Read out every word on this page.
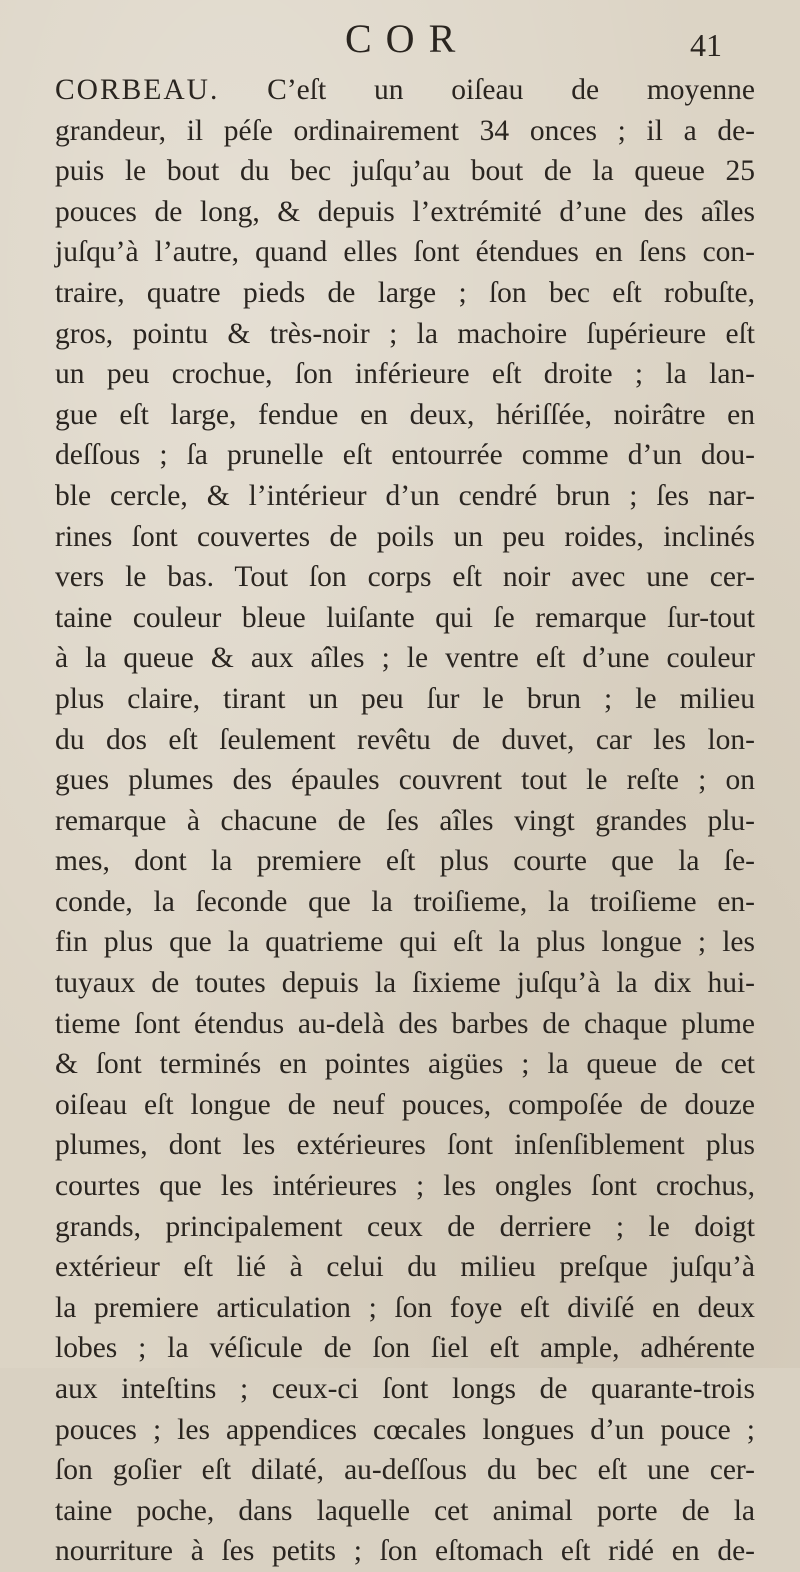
COR	41
CORBEAU. C’eſt un oiſeau de moyenne
grandeur, il péſe ordinairement 34 onces ; il a de-
puis le bout du bec juſqu’au bout de la queue 25
pouces de long, & depuis l’extrémité d’une des aîles
juſqu’à l’autre, quand elles ſont étendues en ſens con-
traire, quatre pieds de large ; ſon bec eſt robuſte,
gros, pointu & très-noir ; la machoire ſupérieure eſt
un peu crochue, ſon inférieure eſt droite ; la lan-
gue eſt large, fendue en deux, hériſſée, noirâtre en
deſſous ; ſa prunelle eſt entourrée comme d’un dou-
ble cercle, & l’intérieur d’un cendré brun ; ſes nar-
rines ſont couvertes de poils un peu roides, inclinés
vers le bas. Tout ſon corps eſt noir avec une cer-
taine couleur bleue luiſante qui ſe remarque ſur-tout
à la queue & aux aîles ; le ventre eſt d’une couleur
plus claire, tirant un peu ſur le brun ; le milieu
du dos eſt ſeulement revêtu de duvet, car les lon-
gues plumes des épaules couvrent tout le reſte ; on
remarque à chacune de ſes aîles vingt grandes plu-
mes, dont la premiere eſt plus courte que la ſe-
conde, la ſeconde que la troiſieme, la troiſieme en-
fin plus que la quatrieme qui eſt la plus longue ; les
tuyaux de toutes depuis la ſixieme juſqu’à la dix hui-
tieme ſont étendus au-delà des barbes de chaque plume
& ſont terminés en pointes aigües ; la queue de cet
oiſeau eſt longue de neuf pouces, compoſée de douze
plumes, dont les extérieures ſont inſenſiblement plus
courtes que les intérieures ; les ongles ſont crochus,
grands, principalement ceux de derriere ; le doigt
extérieur eſt lié à celui du milieu preſque juſqu’à
la premiere articulation ; ſon foye eſt diviſé en deux
lobes ; la véſicule de ſon ſiel eſt ample, adhérente
aux inteſtins ; ceux-ci ſont longs de quarante-trois
pouces ; les appendices cœcales longues d’un pouce ;
ſon goſier eſt dilaté, au-deſſous du bec eſt une cer-
taine poche, dans laquelle cet animal porte de la
nourriture à ſes petits ; ſon eſtomach eſt ridé en de-
